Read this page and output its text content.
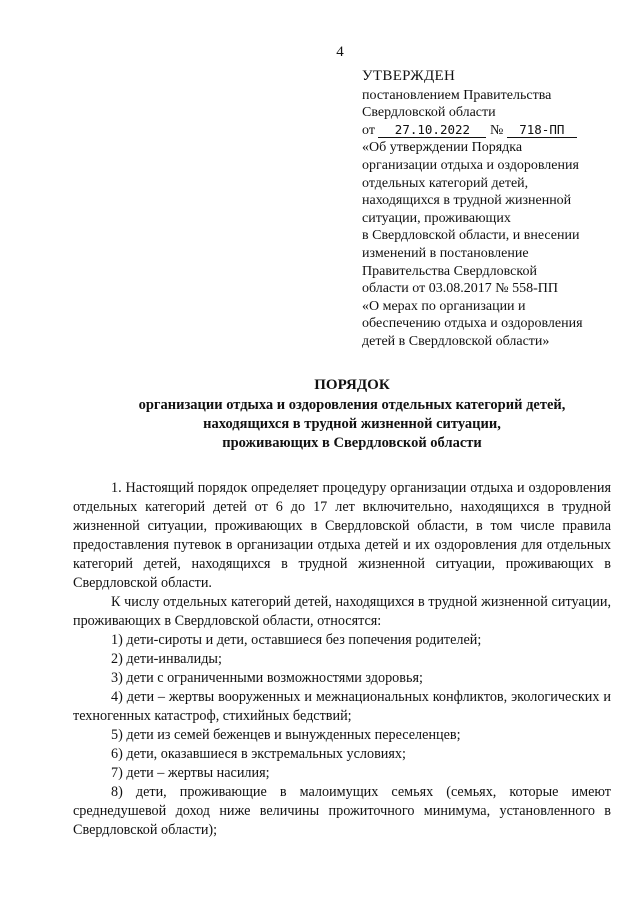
4
УТВЕРЖДЕН
постановлением Правительства
Свердловской области
от 27.10.2022 № 718-ПП
«Об утверждении Порядка
организации отдыха и оздоровления
отдельных категорий детей,
находящихся в трудной жизненной
ситуации, проживающих
в Свердловской области, и внесении
изменений в постановление
Правительства Свердловской
области от 03.08.2017 № 558-ПП
«О мерах по организации и
обеспечению отдыха и оздоровления
детей в Свердловской области»
ПОРЯДОК
организации отдыха и оздоровления отдельных категорий детей,
находящихся в трудной жизненной ситуации,
проживающих в Свердловской области

1. Настоящий порядок определяет процедуру организации отдыха и оздоровления отдельных категорий детей от 6 до 17 лет включительно, находящихся в трудной жизненной ситуации, проживающих в Свердловской области, в том числе правила предоставления путевок в организации отдыха детей и их оздоровления для отдельных категорий детей, находящихся в трудной жизненной ситуации, проживающих в Свердловской области.

К числу отдельных категорий детей, находящихся в трудной жизненной ситуации, проживающих в Свердловской области, относятся:

1) дети-сироты и дети, оставшиеся без попечения родителей;

2) дети-инвалиды;

3) дети с ограниченными возможностями здоровья;

4) дети – жертвы вооруженных и межнациональных конфликтов, экологических и техногенных катастроф, стихийных бедствий;

5) дети из семей беженцев и вынужденных переселенцев;

6) дети, оказавшиеся в экстремальных условиях;

7) дети – жертвы насилия;

8) дети, проживающие в малоимущих семьях (семьях, которые имеют среднедушевой доход ниже величины прожиточного минимума, установленного в Свердловской области);
